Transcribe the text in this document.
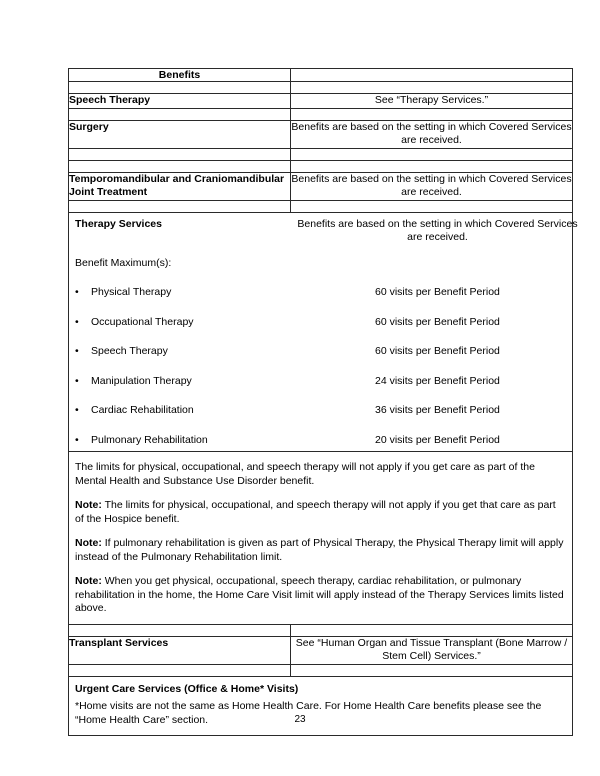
Benefits	

Speech Therapy	See “Therapy Services.”

Surgery	Benefits are based on the setting in which Covered Services are received.

Temporomandibular and Craniomandibular Joint Treatment	Benefits are based on the setting in which Covered Services are received.

Therapy Services	Benefits are based on the setting in which Covered Services are received.
Benefit Maximum(s):
•	Physical Therapy	60 visits per Benefit Period
•	Occupational Therapy	60 visits per Benefit Period
•	Speech Therapy	60 visits per Benefit Period
•	Manipulation Therapy	24 visits per Benefit Period
•	Cardiac Rehabilitation	36 visits per Benefit Period
•	Pulmonary Rehabilitation	20 visits per Benefit Period

The limits for physical, occupational, and speech therapy will not apply if you get care as part of the Mental Health and Substance Use Disorder benefit.

Note: The limits for physical, occupational, and speech therapy will not apply if you get that care as part of the Hospice benefit.

Note: If pulmonary rehabilitation is given as part of Physical Therapy, the Physical Therapy limit will apply instead of the Pulmonary Rehabilitation limit.

Note: When you get physical, occupational, speech therapy, cardiac rehabilitation, or pulmonary rehabilitation in the home, the Home Care Visit limit will apply instead of the Therapy Services limits listed above.	

Transplant Services	See “Human Organ and Tissue Transplant (Bone Marrow / Stem Cell) Services.”

Urgent Care Services (Office & Home* Visits)
*Home visits are not the same as Home Health Care. For Home Health Care benefits please see the “Home Health Care” section.		23
